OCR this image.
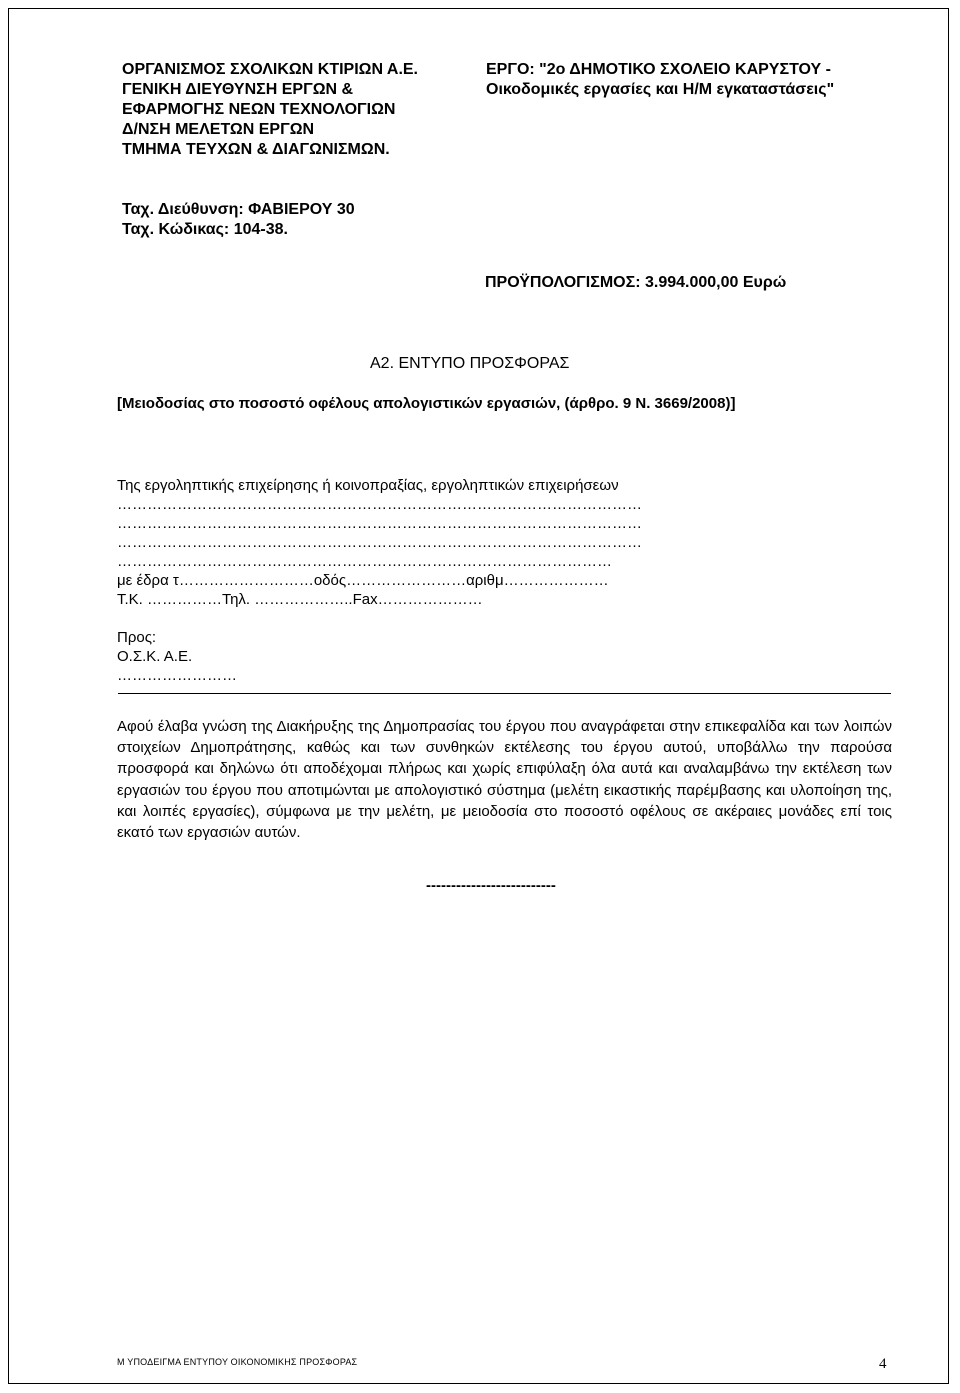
ΟΡΓΑΝΙΣΜΟΣ ΣΧΟΛΙΚΩΝ ΚΤΙΡΙΩΝ Α.Ε.
ΓΕΝΙΚΗ ΔΙΕΥΘΥΝΣΗ ΕΡΓΩΝ &
ΕΦΑΡΜΟΓΗΣ ΝΕΩΝ ΤΕΧΝΟΛΟΓΙΩΝ
Δ/ΝΣΗ ΜΕΛΕΤΩΝ ΕΡΓΩΝ
ΤΜΗΜΑ ΤΕΥΧΩΝ & ΔΙΑΓΩΝΙΣΜΩΝ.
ΕΡΓΟ: "2ο ΔΗΜΟΤΙΚΟ ΣΧΟΛΕΙΟ ΚΑΡΥΣΤΟΥ -
Οικοδομικές εργασίες και Η/Μ εγκαταστάσεις"
Ταχ. Διεύθυνση: ΦΑΒΙΕΡΟΥ 30
Ταχ. Κώδικας: 104-38.
ΠΡΟΫΠΟΛΟΓΙΣΜΟΣ: 3.994.000,00 Ευρώ
Α2. ΕΝΤΥΠΟ ΠΡΟΣΦΟΡΑΣ
[Μειοδοσίας στο ποσοστό οφέλους απολογιστικών εργασιών, (άρθρο. 9 Ν. 3669/2008)]
Της εργοληπτικής επιχείρησης ή κοινοπραξίας, εργοληπτικών επιχειρήσεων
……………………………………………………………………………………………
……………………………………………………………………………………………
……………………………………………………………………………………………
………………………………………………………………………………………
με έδρα τ………………………οδός……………………αριθμ…………………
Τ.Κ. ……………Τηλ. ………………..Fax…………………
Προς:
Ο.Σ.Κ. Α.Ε.
……………………
Αφού έλαβα γνώση της Διακήρυξης της Δημοπρασίας του έργου που αναγράφεται στην επικεφαλίδα και των λοιπών στοιχείων Δημοπράτησης, καθώς και των συνθηκών εκτέλεσης του έργου αυτού, υποβάλλω την παρούσα προσφορά και δηλώνω ότι αποδέχομαι πλήρως και χωρίς επιφύλαξη όλα αυτά και αναλαμβάνω την εκτέλεση των εργασιών του έργου που αποτιμώνται με απολογιστικό σύστημα (μελέτη εικαστικής παρέμβασης και υλοποίηση της, και λοιπές εργασίες), σύμφωνα με την μελέτη, με μειοδοσία στο ποσοστό οφέλους σε ακέραιες μονάδες επί τοις εκατό των εργασιών αυτών.
--------------------------
Μ ΥΠΟΔΕΙΓΜΑ ΕΝΤΥΠΟΥ ΟΙΚΟΝΟΜΙΚΗΣ ΠΡΟΣΦΟΡΑΣ	4
